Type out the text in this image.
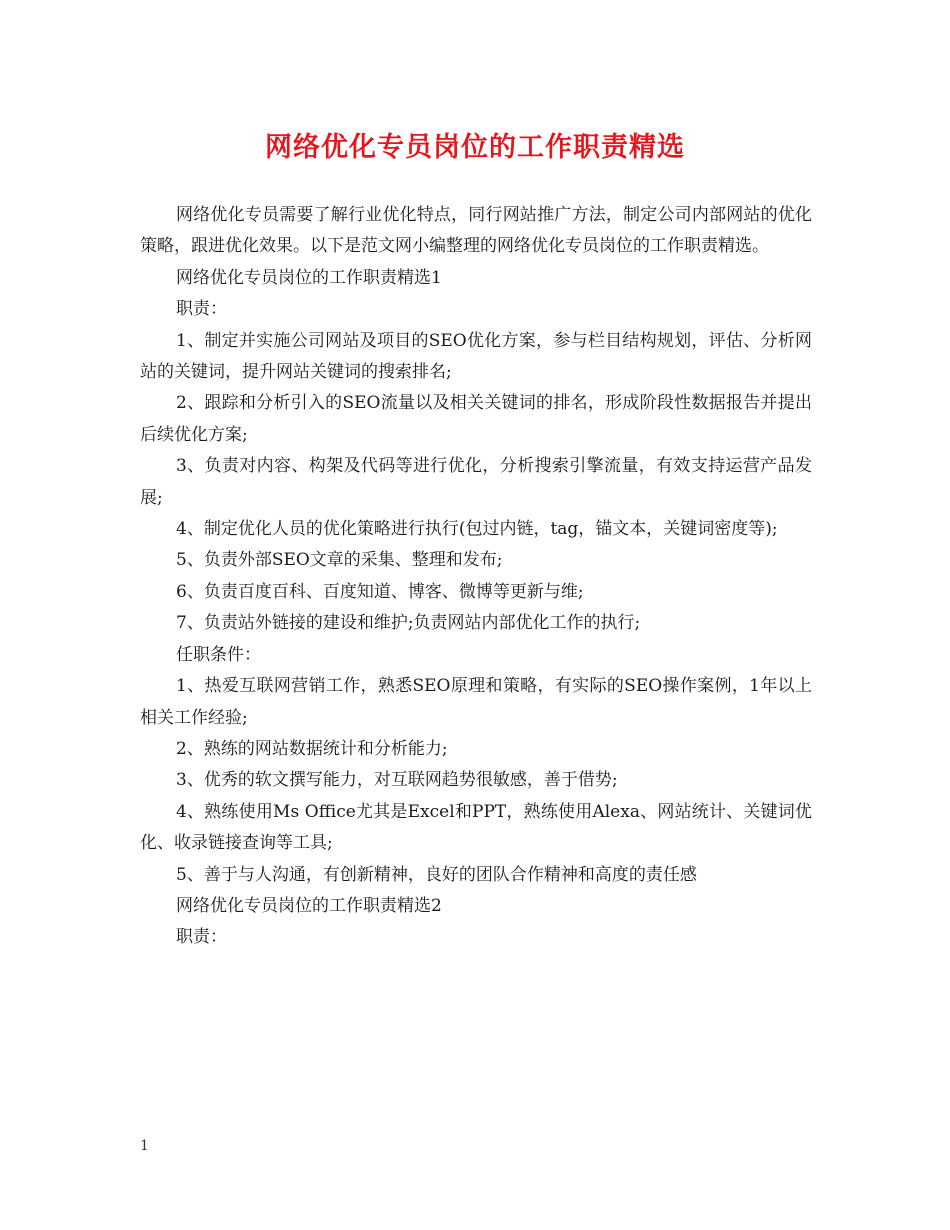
网络优化专员岗位的工作职责精选

网络优化专员需要了解行业优化特点，同行网站推广方法，制定公司内部网站的优化策略，跟进优化效果。以下是范文网小编整理的网络优化专员岗位的工作职责精选。

网络优化专员岗位的工作职责精选1

职责：

1、制定并实施公司网站及项目的SEO优化方案，参与栏目结构规划，评估、分析网站的关键词，提升网站关键词的搜索排名;

2、跟踪和分析引入的SEO流量以及相关关键词的排名，形成阶段性数据报告并提出后续优化方案;

3、负责对内容、构架及代码等进行优化，分析搜索引擎流量，有效支持运营产品发展;

4、制定优化人员的优化策略进行执行(包过内链，tag，锚文本，关键词密度等);

5、负责外部SEO文章的采集、整理和发布;

6、负责百度百科、百度知道、博客、微博等更新与维;

7、负责站外链接的建设和维护;负责网站内部优化工作的执行;

任职条件：

1、热爱互联网营销工作，熟悉SEO原理和策略，有实际的SEO操作案例，1年以上相关工作经验;

2、熟练的网站数据统计和分析能力;

3、优秀的软文撰写能力，对互联网趋势很敏感，善于借势;

4、熟练使用Ms Office尤其是Excel和PPT，熟练使用Alexa、网站统计、关键词优化、收录链接查询等工具;

5、善于与人沟通，有创新精神，良好的团队合作精神和高度的责任感

网络优化专员岗位的工作职责精选2

职责：

1
